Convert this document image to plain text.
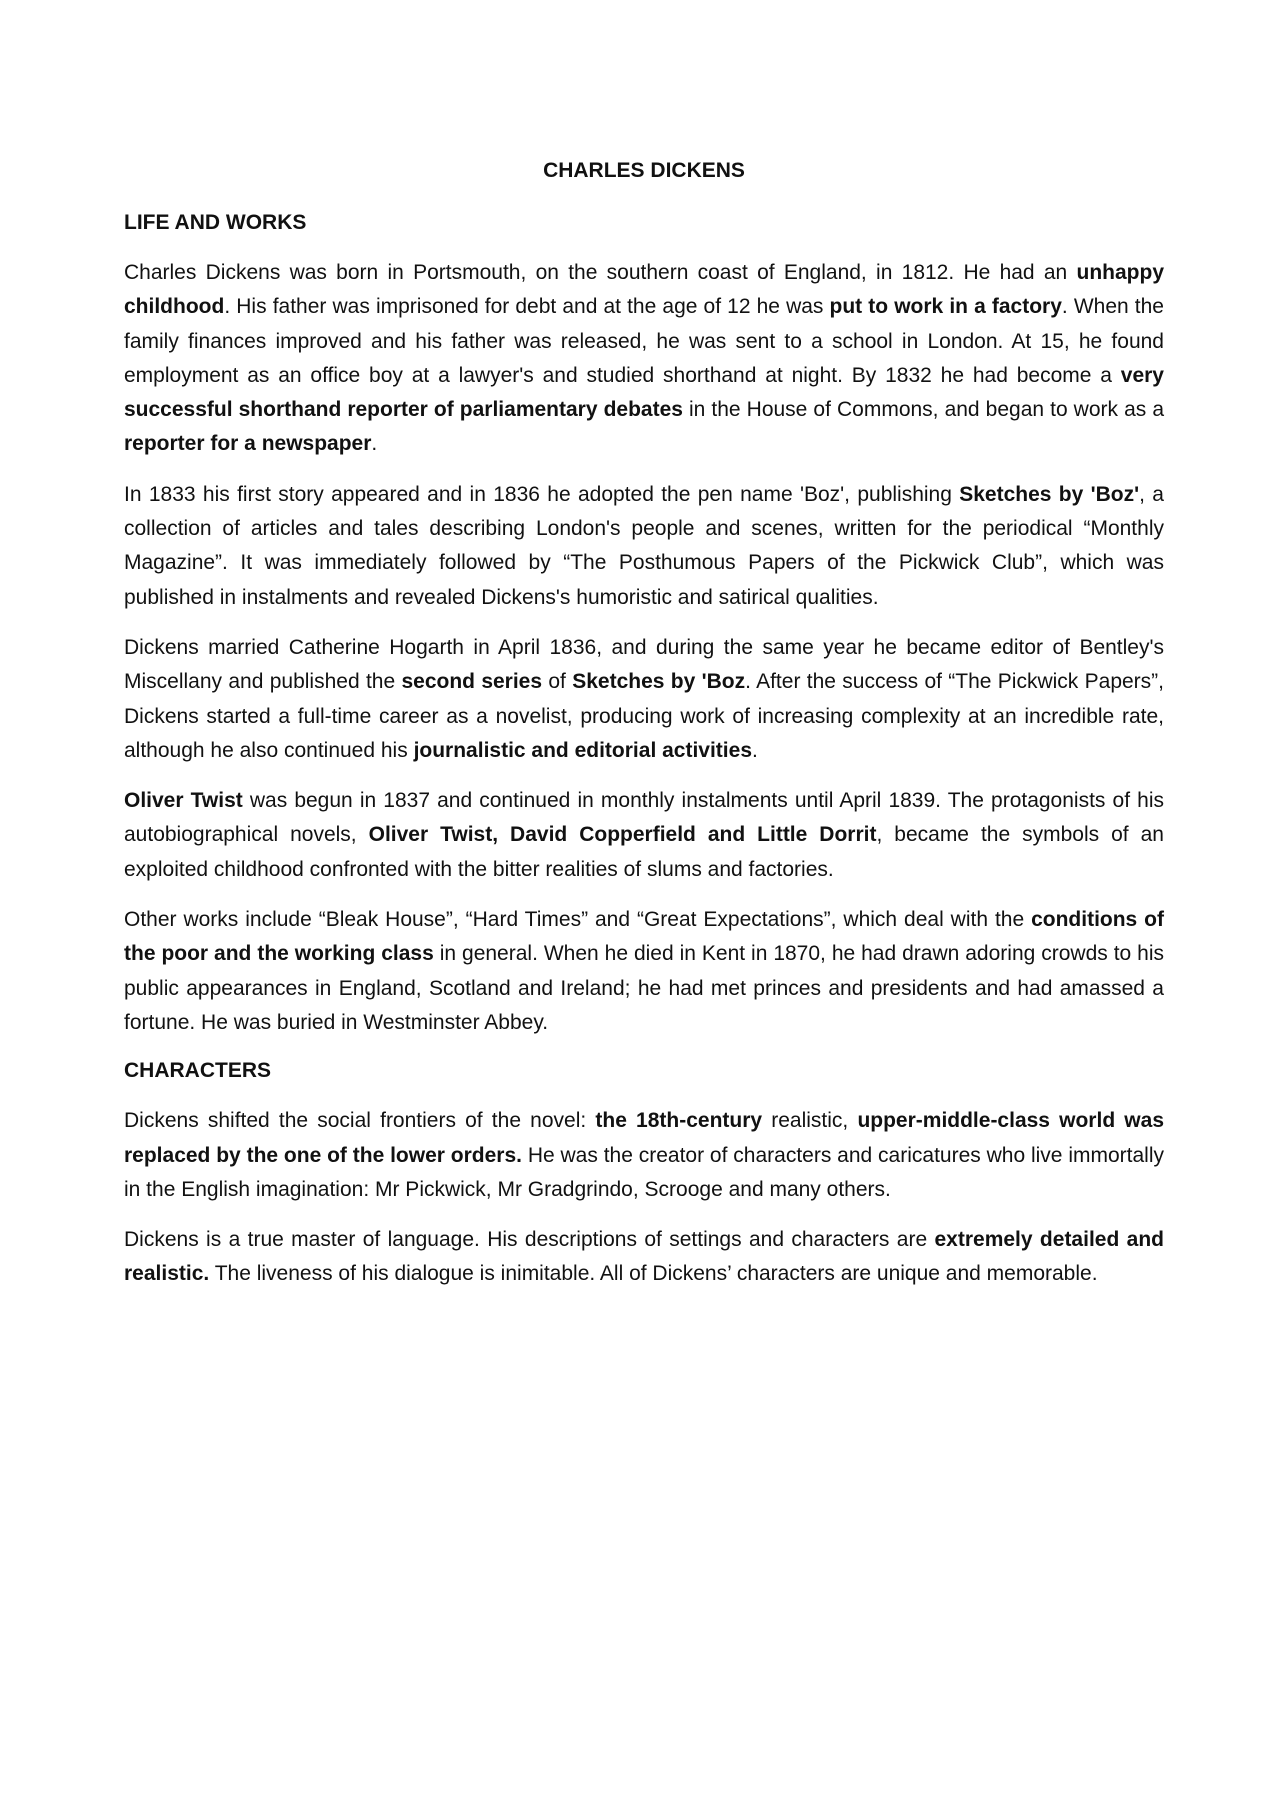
CHARLES DICKENS
LIFE AND WORKS

Charles Dickens was born in Portsmouth, on the southern coast of England, in 1812. He had an unhappy childhood. His father was imprisoned for debt and at the age of 12 he was put to work in a factory. When the family finances improved and his father was released, he was sent to a school in London. At 15, he found employment as an office boy at a lawyer's and studied shorthand at night. By 1832 he had become a very successful shorthand reporter of parliamentary debates in the House of Commons, and began to work as a reporter for a newspaper.

In 1833 his first story appeared and in 1836 he adopted the pen name 'Boz', publishing Sketches by 'Boz', a collection of articles and tales describing London's people and scenes, written for the periodical “Monthly Magazine”. It was immediately followed by “The Posthumous Papers of the Pickwick Club”, which was published in instalments and revealed Dickens's humoristic and satirical qualities.

Dickens married Catherine Hogarth in April 1836, and during the same year he became editor of Bentley's Miscellany and published the second series of Sketches by 'Boz. After the success of “The Pickwick Papers”, Dickens started a full-time career as a novelist, producing work of increasing complexity at an incredible rate, although he also continued his journalistic and editorial activities.

Oliver Twist was begun in 1837 and continued in monthly instalments until April 1839. The protagonists of his autobiographical novels, Oliver Twist, David Copperfield and Little Dorrit, became the symbols of an exploited childhood confronted with the bitter realities of slums and factories.

Other works include “Bleak House”, “Hard Times” and “Great Expectations”, which deal with the conditions of the poor and the working class in general. When he died in Kent in 1870, he had drawn adoring crowds to his public appearances in England, Scotland and Ireland; he had met princes and presidents and had amassed a fortune. He was buried in Westminster Abbey.

CHARACTERS

Dickens shifted the social frontiers of the novel: the 18th-century realistic, upper-middle-class world was replaced by the one of the lower orders. He was the creator of characters and caricatures who live immortally in the English imagination: Mr Pickwick, Mr Gradgrindo, Scrooge and many others.

Dickens is a true master of language. His descriptions of settings and characters are extremely detailed and realistic. The liveness of his dialogue is inimitable. All of Dickens’ characters are unique and memorable.
